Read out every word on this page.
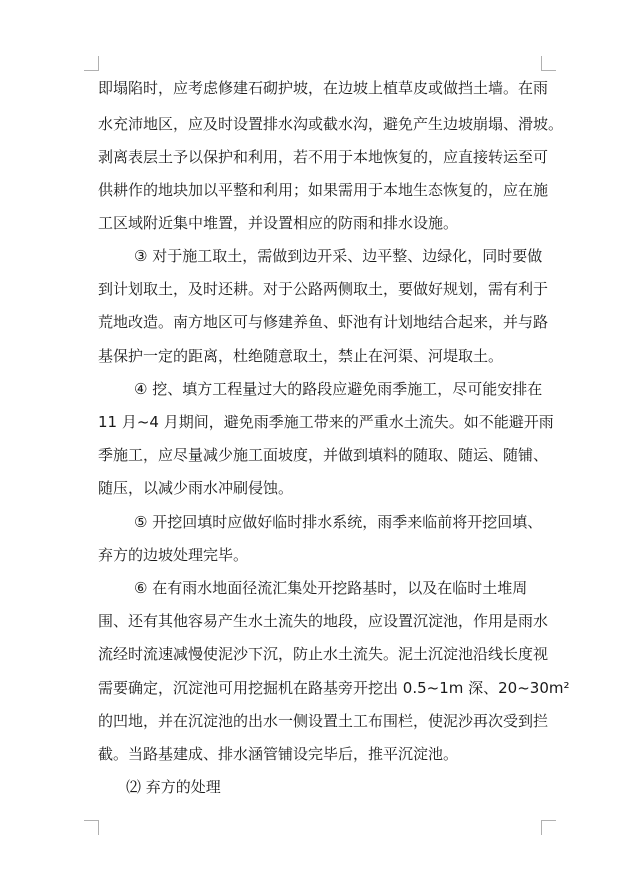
即塌陷时，应考虑修建石砌护坡，在边坡上植草皮或做挡土墙。在雨
水充沛地区，应及时设置排水沟或截水沟，避免产生边坡崩塌、滑坡。
剥离表层土予以保护和利用，若不用于本地恢复的，应直接转运至可
供耕作的地块加以平整和利用；如果需用于本地生态恢复的，应在施
工区域附近集中堆置，并设置相应的防雨和排水设施。
③ 对于施工取土，需做到边开采、边平整、边绿化，同时要做
到计划取土，及时还耕。对于公路两侧取土，要做好规划，需有利于
荒地改造。南方地区可与修建养鱼、虾池有计划地结合起来，并与路
基保护一定的距离，杜绝随意取土，禁止在河渠、河堤取土。
④ 挖、填方工程量过大的路段应避免雨季施工，尽可能安排在
11 月~4 月期间，避免雨季施工带来的严重水土流失。如不能避开雨
季施工，应尽量减少施工面坡度，并做到填料的随取、随运、随铺、
随压，以减少雨水冲刷侵蚀。
⑤ 开挖回填时应做好临时排水系统，雨季来临前将开挖回填、
弃方的边坡处理完毕。
⑥ 在有雨水地面径流汇集处开挖路基时，以及在临时土堆周
围、还有其他容易产生水土流失的地段，应设置沉淀池，作用是雨水
流经时流速减慢使泥沙下沉，防止水土流失。泥土沉淀池沿线长度视
需要确定，沉淀池可用挖掘机在路基旁开挖出 0.5~1m 深、20~30m²
的凹地，并在沉淀池的出水一侧设置土工布围栏，使泥沙再次受到拦
截。当路基建成、排水涵管铺设完毕后，推平沉淀池。
⑵ 弃方的处理
